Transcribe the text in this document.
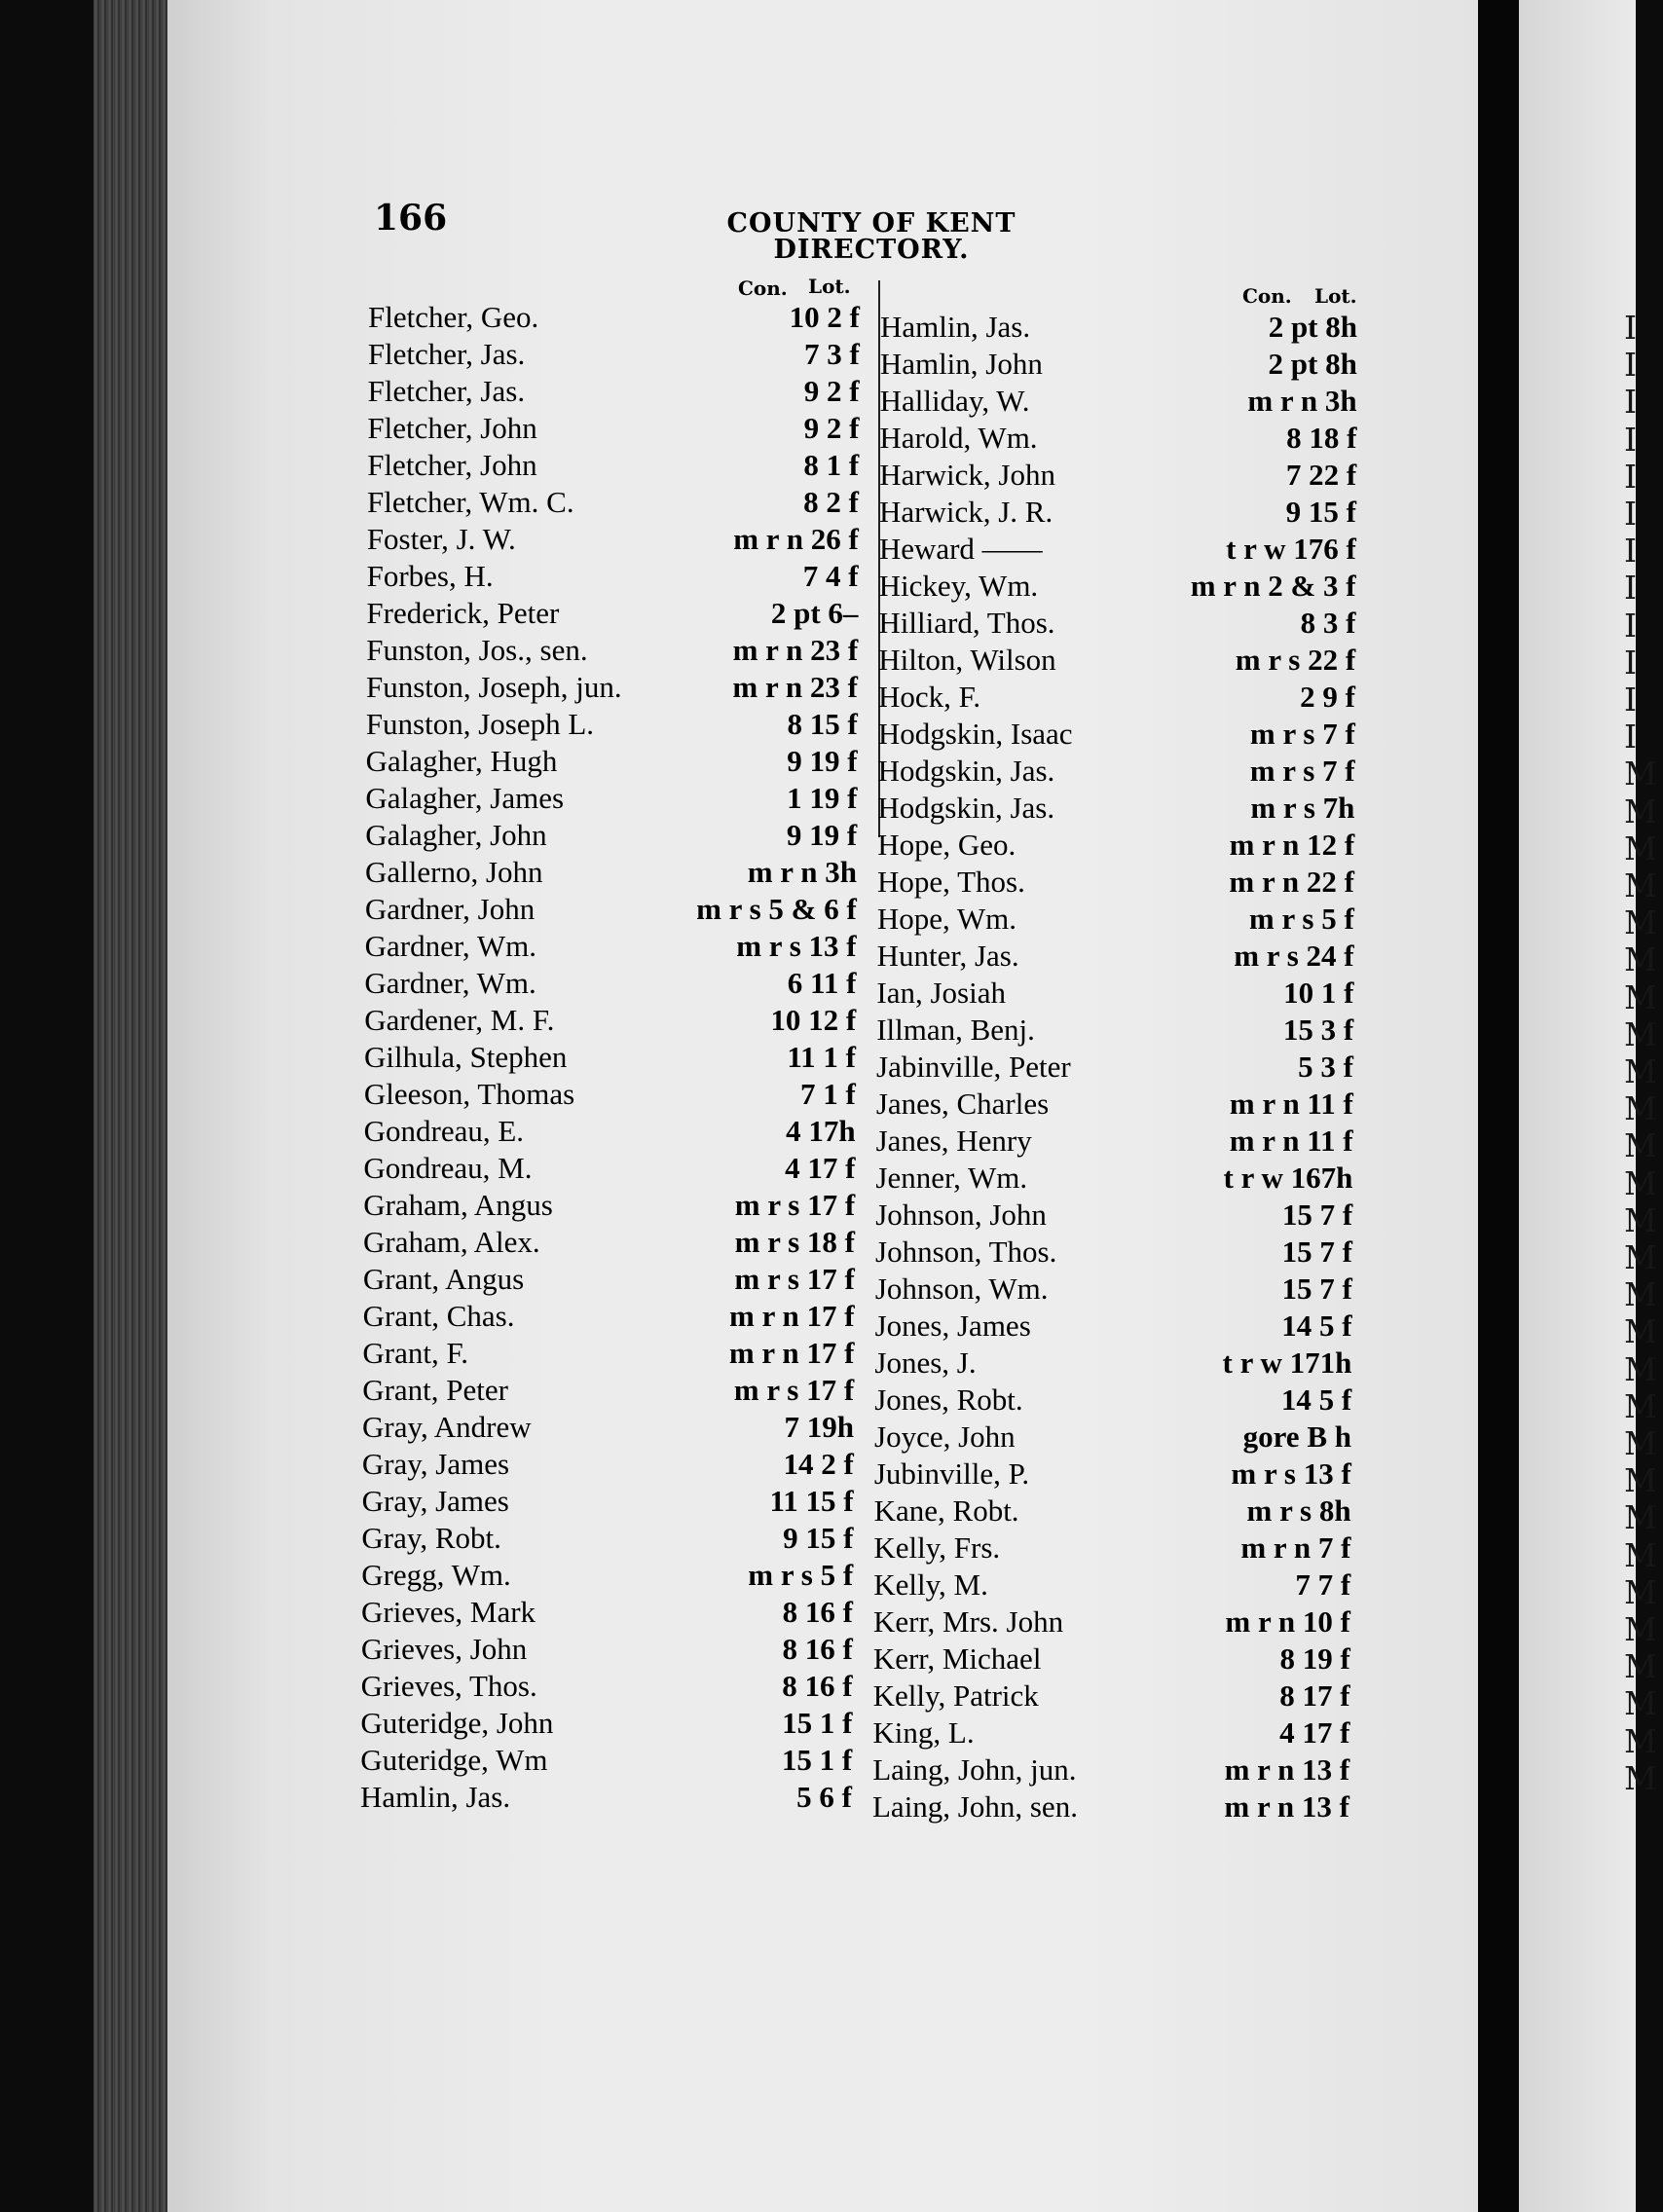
I
I
I
I
I
I
I
I
I
I
I
I
M
M
M
M
M
M
M
M
M
M
M
M
M
M
M
M
M
M
M
M
M
M
M
M
M
M
M
M
166	COUNTY OF KENT DIRECTORY.
Con. Lot.	Con. Lot.
Fletcher, Geo.	10 2 f
Fletcher, Jas.	7 3 f
Fletcher, Jas.	9 2 f
Fletcher, John	9 2 f
Fletcher, John	8 1 f
Fletcher, Wm. C.	8 2 f
Foster, J. W.	m r n 26 f
Forbes, H.	7 4 f
Frederick, Peter	2 pt 6–
Funston, Jos., sen.	m r n 23 f
Funston, Joseph, jun.	m r n 23 f
Funston, Joseph L.	8 15 f
Galagher, Hugh	9 19 f
Galagher, James	1 19 f
Galagher, John	9 19 f
Gallerno, John	m r n 3h
Gardner, John	m r s 5 & 6 f
Gardner, Wm.	m r s 13 f
Gardner, Wm.	6 11 f
Gardener, M. F.	10 12 f
Gilhula, Stephen	11 1 f
Gleeson, Thomas	7 1 f
Gondreau, E.	4 17h
Gondreau, M.	4 17 f
Graham, Angus	m r s 17 f
Graham, Alex.	m r s 18 f
Grant, Angus	m r s 17 f
Grant, Chas.	m r n 17 f
Grant, F.	m r n 17 f
Grant, Peter	m r s 17 f
Gray, Andrew	7 19h
Gray, James	14 2 f
Gray, James	11 15 f
Gray, Robt.	9 15 f
Gregg, Wm.	m r s 5 f
Grieves, Mark	8 16 f
Grieves, John	8 16 f
Grieves, Thos.	8 16 f
Guteridge, John	15 1 f
Guteridge, Wm	15 1 f
Hamlin, Jas.	5 6 f
Hamlin, Jas.	2 pt 8h
Hamlin, John	2 pt 8h
Halliday, W.	m r n 3h
Harold, Wm.	8 18 f
Harwick, John	7 22 f
Harwick, J. R.	9 15 f
Heward ——	t r w 176 f
Hickey, Wm.	m r n 2 & 3 f
Hilliard, Thos.	8 3 f
Hilton, Wilson	m r s 22 f
Hock, F.	2 9 f
Hodgskin, Isaac	m r s 7 f
Hodgskin, Jas.	m r s 7 f
Hodgskin, Jas.	m r s 7h
Hope, Geo.	m r n 12 f
Hope, Thos.	m r n 22 f
Hope, Wm.	m r s 5 f
Hunter, Jas.	m r s 24 f
Ian, Josiah	10 1 f
Illman, Benj.	15 3 f
Jabinville, Peter	5 3 f
Janes, Charles	m r n 11 f
Janes, Henry	m r n 11 f
Jenner, Wm.	t r w 167h
Johnson, John	15 7 f
Johnson, Thos.	15 7 f
Johnson, Wm.	15 7 f
Jones, James	14 5 f
Jones, J.	t r w 171h
Jones, Robt.	14 5 f
Joyce, John	gore B h
Jubinville, P.	m r s 13 f
Kane, Robt.	m r s 8h
Kelly, Frs.	m r n 7 f
Kelly, M.	7 7 f
Kerr, Mrs. John	m r n 10 f
Kerr, Michael	8 19 f
Kelly, Patrick	8 17 f
King, L.	4 17 f
Laing, John, jun.	m r n 13 f
Laing, John, sen.	m r n 13 f
